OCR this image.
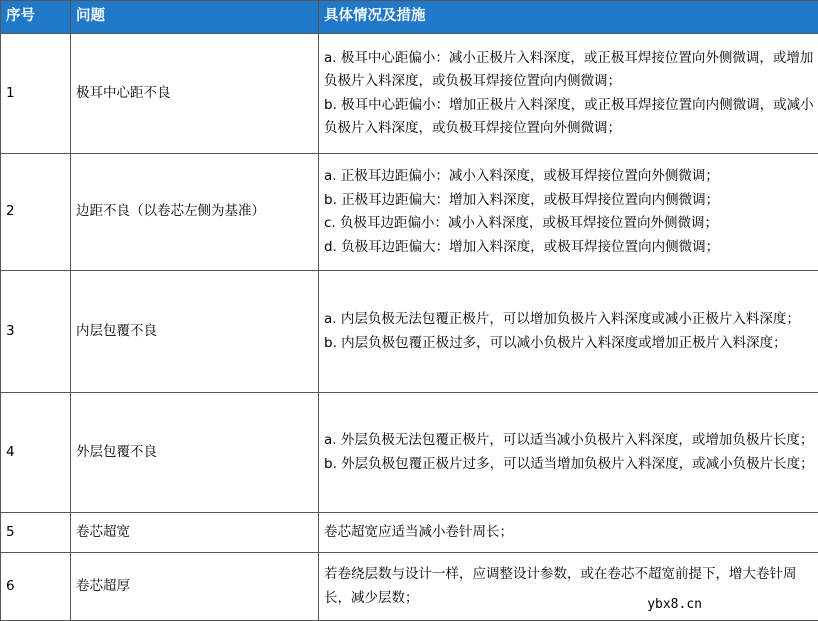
序号	问题	具体情况及措施
1	极耳中心距不良	a. 极耳中心距偏小：减小正极片入料深度，或正极耳焊接位置向外侧微调，或增加负极片入料深度，或负极耳焊接位置向内侧微调；
b. 极耳中心距偏小：增加正极片入料深度，或正极耳焊接位置向内侧微调，或减小负极片入料深度，或负极耳焊接位置向外侧微调；

2	边距不良（以卷芯左侧为基准）	a. 正极耳边距偏小：减小入料深度，或极耳焊接位置向外侧微调；
b. 正极耳边距偏大：增加入料深度，或极耳焊接位置向内侧微调；
c. 负极耳边距偏小：减小入料深度，或极耳焊接位置向外侧微调；
d. 负极耳边距偏大：增加入料深度，或极耳焊接位置向内侧微调；

3	内层包覆不良	a. 内层负极无法包覆正极片，可以增加负极片入料深度或减小正极片入料深度；
b. 内层负极包覆正极过多，可以减小负极片入料深度或增加正极片入料深度；

4	外层包覆不良	a. 外层负极无法包覆正极片，可以适当减小负极片入料深度，或增加负极片长度；
b. 外层负极包覆正极片过多，可以适当增加负极片入料深度，或减小负极片长度；

5	卷芯超宽	卷芯超宽应适当减小卷针周长；

6	卷芯超厚	若卷绕层数与设计一样，应调整设计参数，或在卷芯不超宽前提下，增大卷针周长，减少层数；	ybx8.cn
